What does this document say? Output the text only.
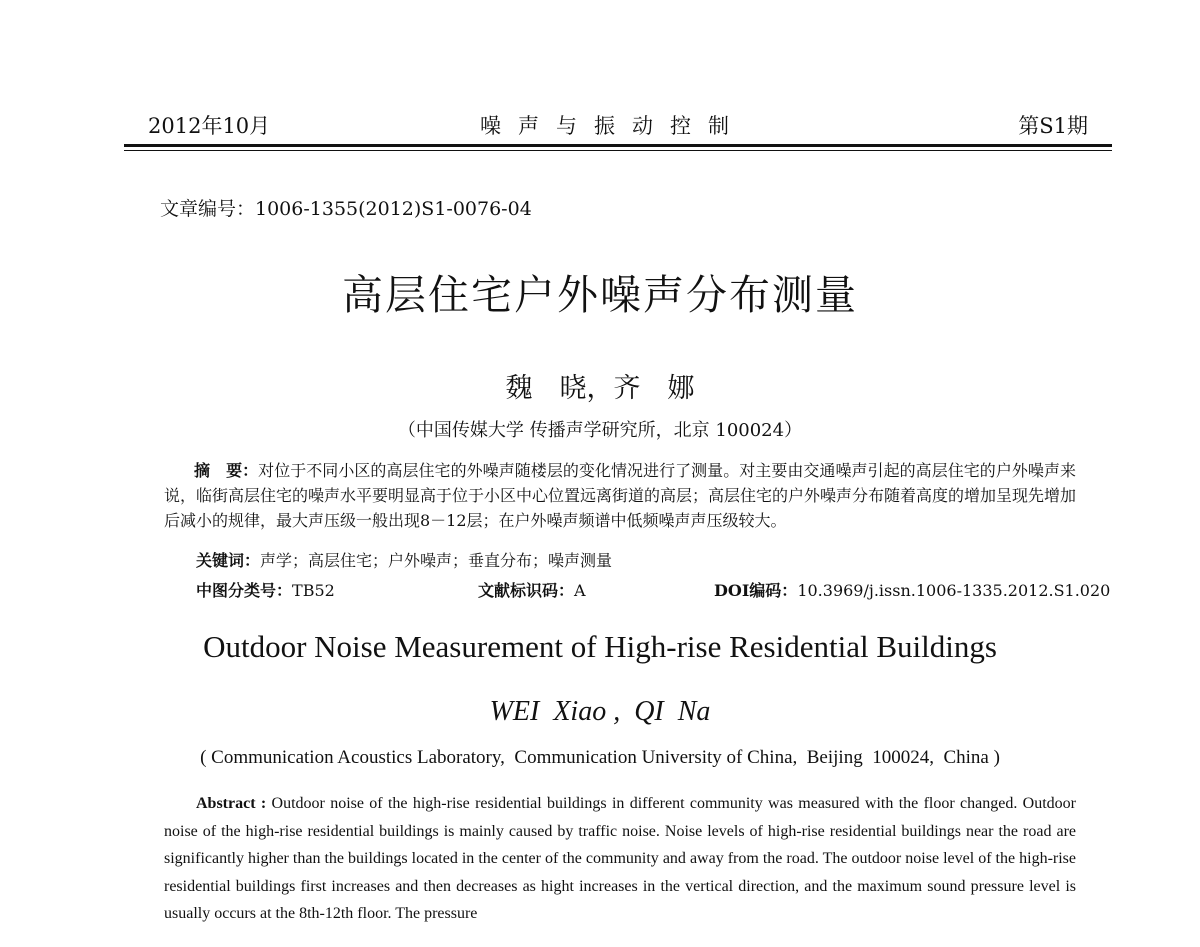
2012年10月	噪声与振动控制	第S1期
文章编号：1006-1355(2012)S1-0076-04
高层住宅户外噪声分布测量
魏　晓，齐　娜
（中国传媒大学 传播声学研究所，北京 100024）
摘　要：对位于不同小区的高层住宅的外噪声随楼层的变化情况进行了测量。对主要由交通噪声引起的高层住宅的户外噪声来说，临街高层住宅的噪声水平要明显高于位于小区中心位置远离街道的高层；高层住宅的户外噪声分布随着高度的增加呈现先增加后减小的规律，最大声压级一般出现8－12层；在户外噪声频谱中低频噪声声压级较大。
关键词：声学；高层住宅；户外噪声；垂直分布；噪声测量
中图分类号：TB52	文献标识码：A	DOI编码：10.3969/j.issn.1006-1335.2012.S1.020
Outdoor Noise Measurement of High-rise Residential Buildings
WEI  Xiao ,  QI  Na
( Communication Acoustics Laboratory,  Communication University of China,  Beijing  100024,  China )
Abstract : Outdoor noise of the high-rise residential buildings in different community was measured with the floor changed. Outdoor noise of the high-rise residential buildings is mainly caused by traffic noise. Noise levels of high-rise residential buildings near the road are significantly higher than the buildings located in the center of the community and away from the road. The outdoor noise level of the high-rise residential buildings first increases and then decreases as hight increases in the vertical direction, and the maximum sound pressure level is usually occurs at the 8th-12th floor. The pressure
